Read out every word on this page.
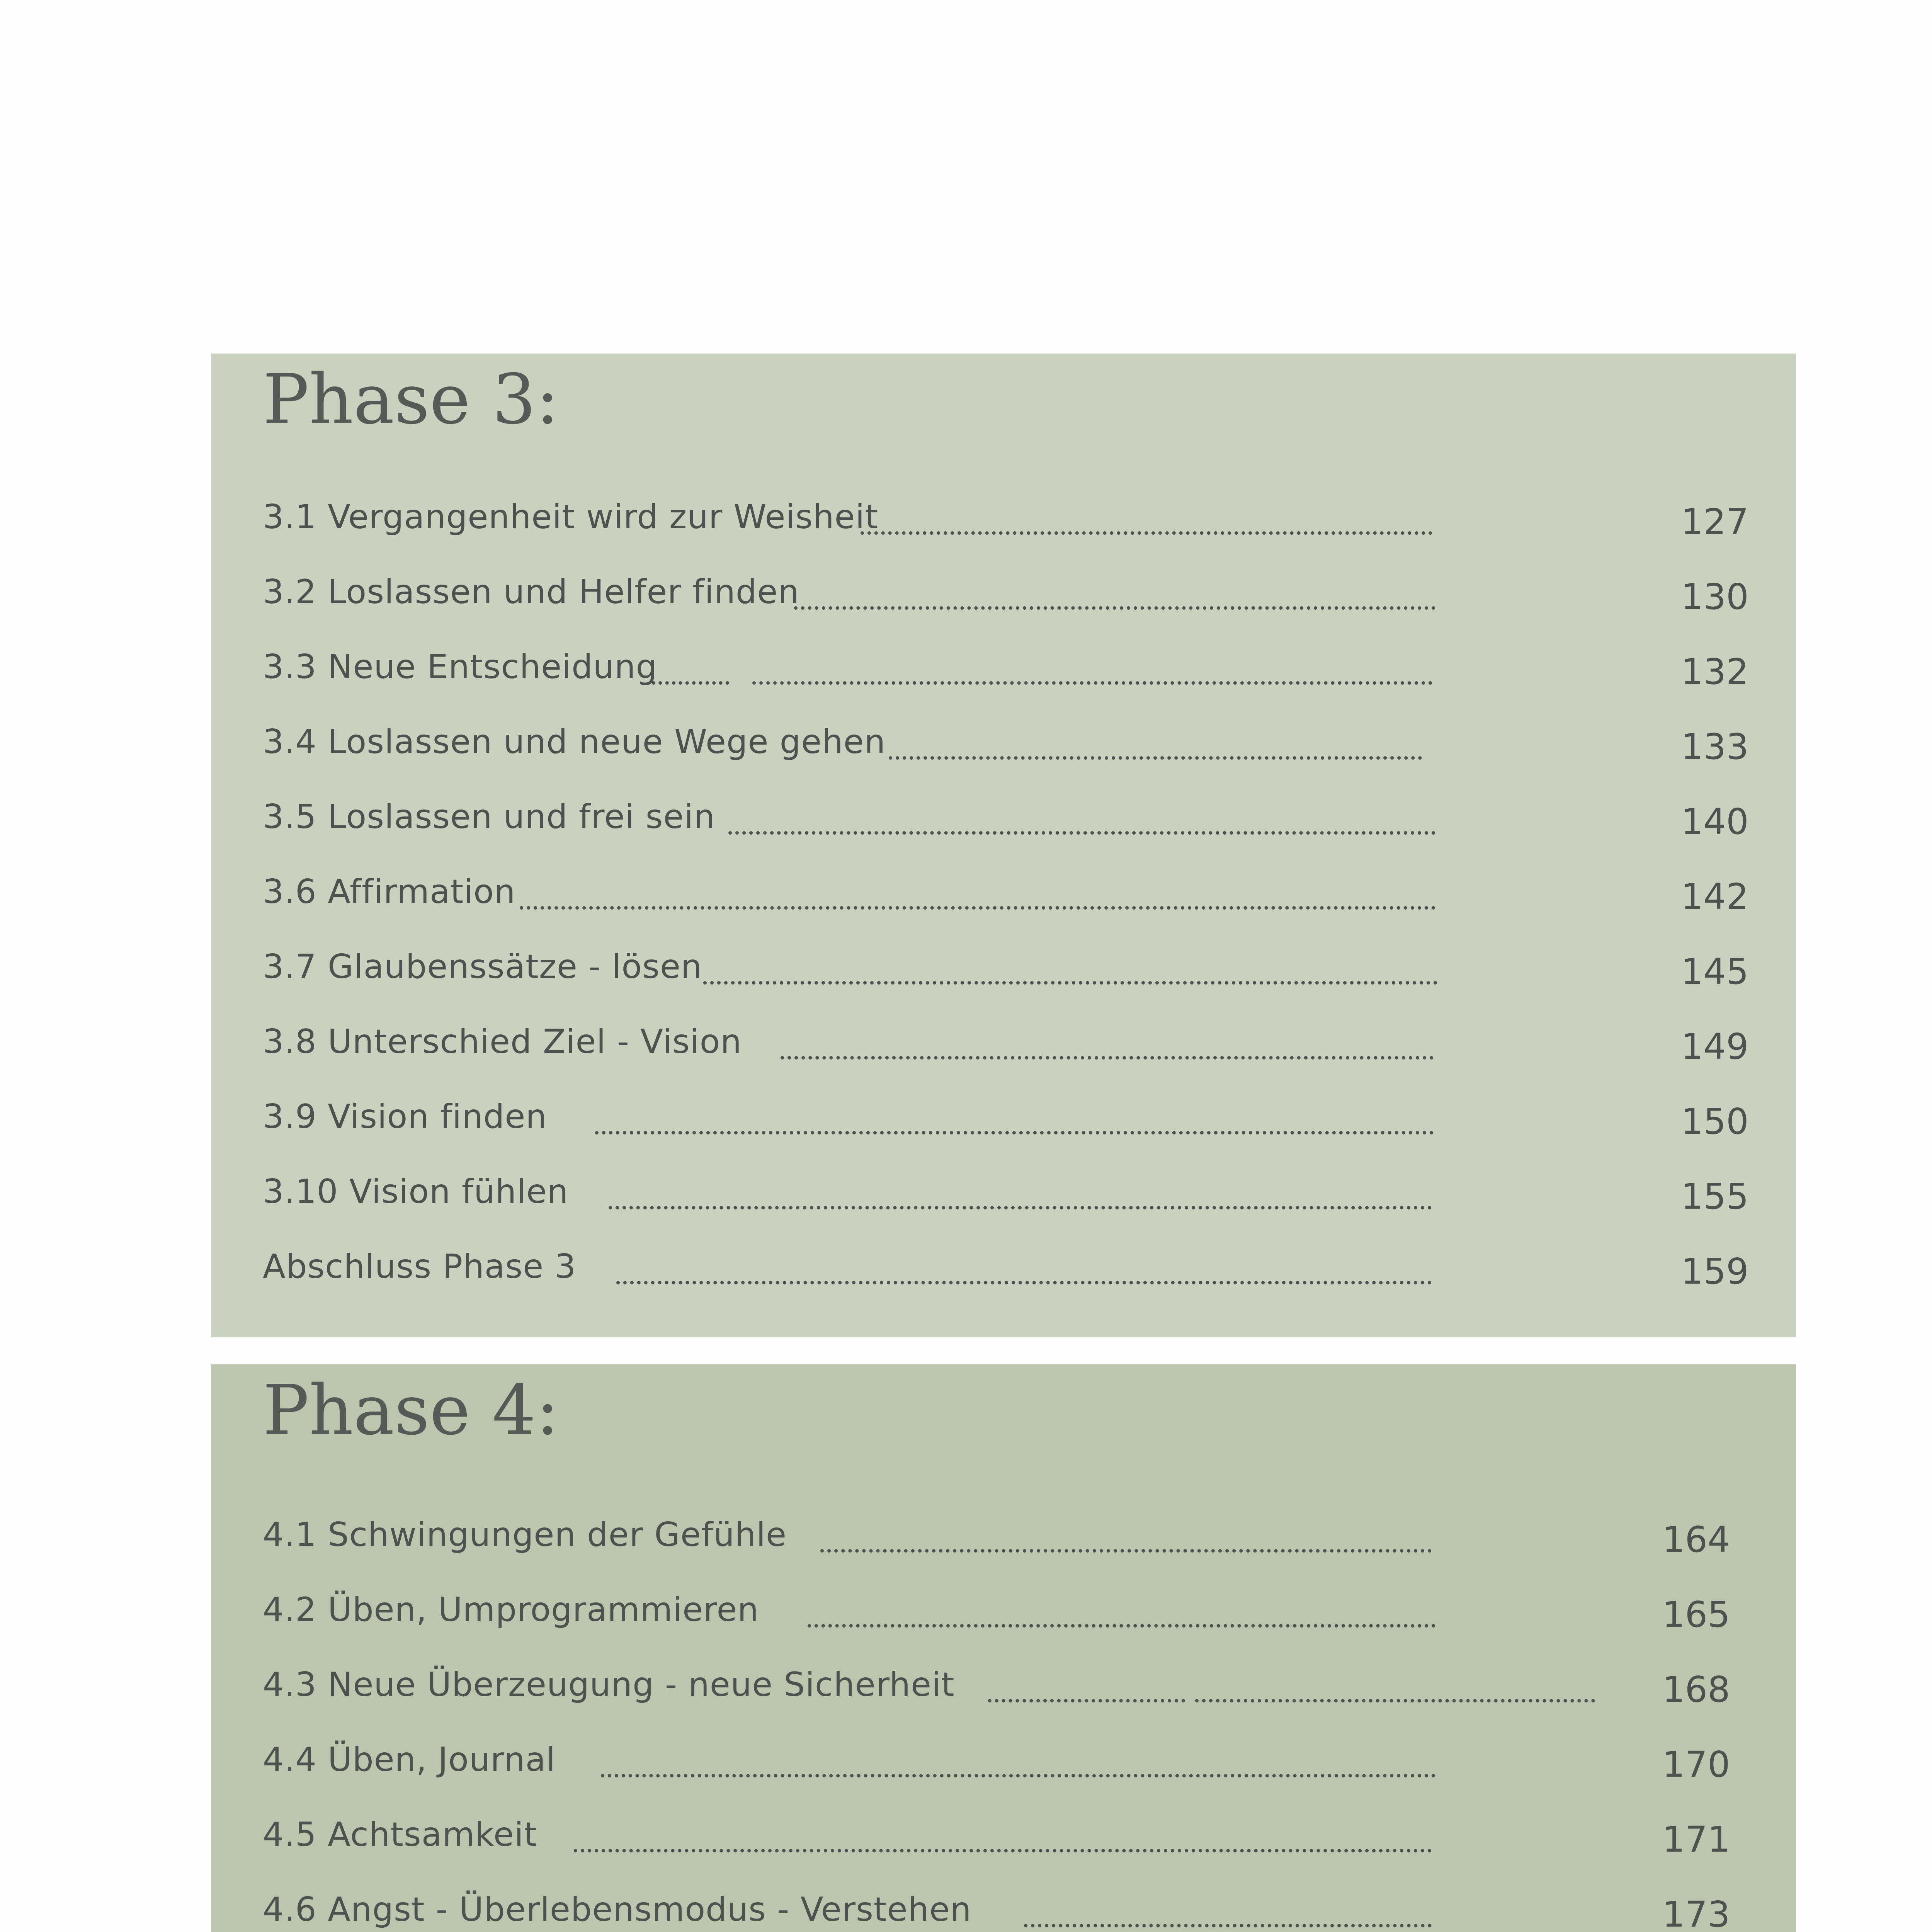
Phase 3:
3.1 Vergangenheit wird zur Weisheit	127
3.2 Loslassen und Helfer finden	130
3.3 Neue Entscheidung	132
3.4 Loslassen und neue Wege gehen	133
3.5 Loslassen und frei sein	140
3.6 Affirmation	142
3.7 Glaubenssätze - lösen	145
3.8 Unterschied Ziel - Vision	149
3.9 Vision finden	150
3.10 Vision fühlen	155
Abschluss Phase 3	159
Phase 4:
4.1 Schwingungen der Gefühle	164
4.2 Üben, Umprogrammieren	165
4.3 Neue Überzeugung - neue Sicherheit	168
4.4 Üben, Journal	170
4.5 Achtsamkeit	171
4.6 Angst - Überlebensmodus - Verstehen	173
